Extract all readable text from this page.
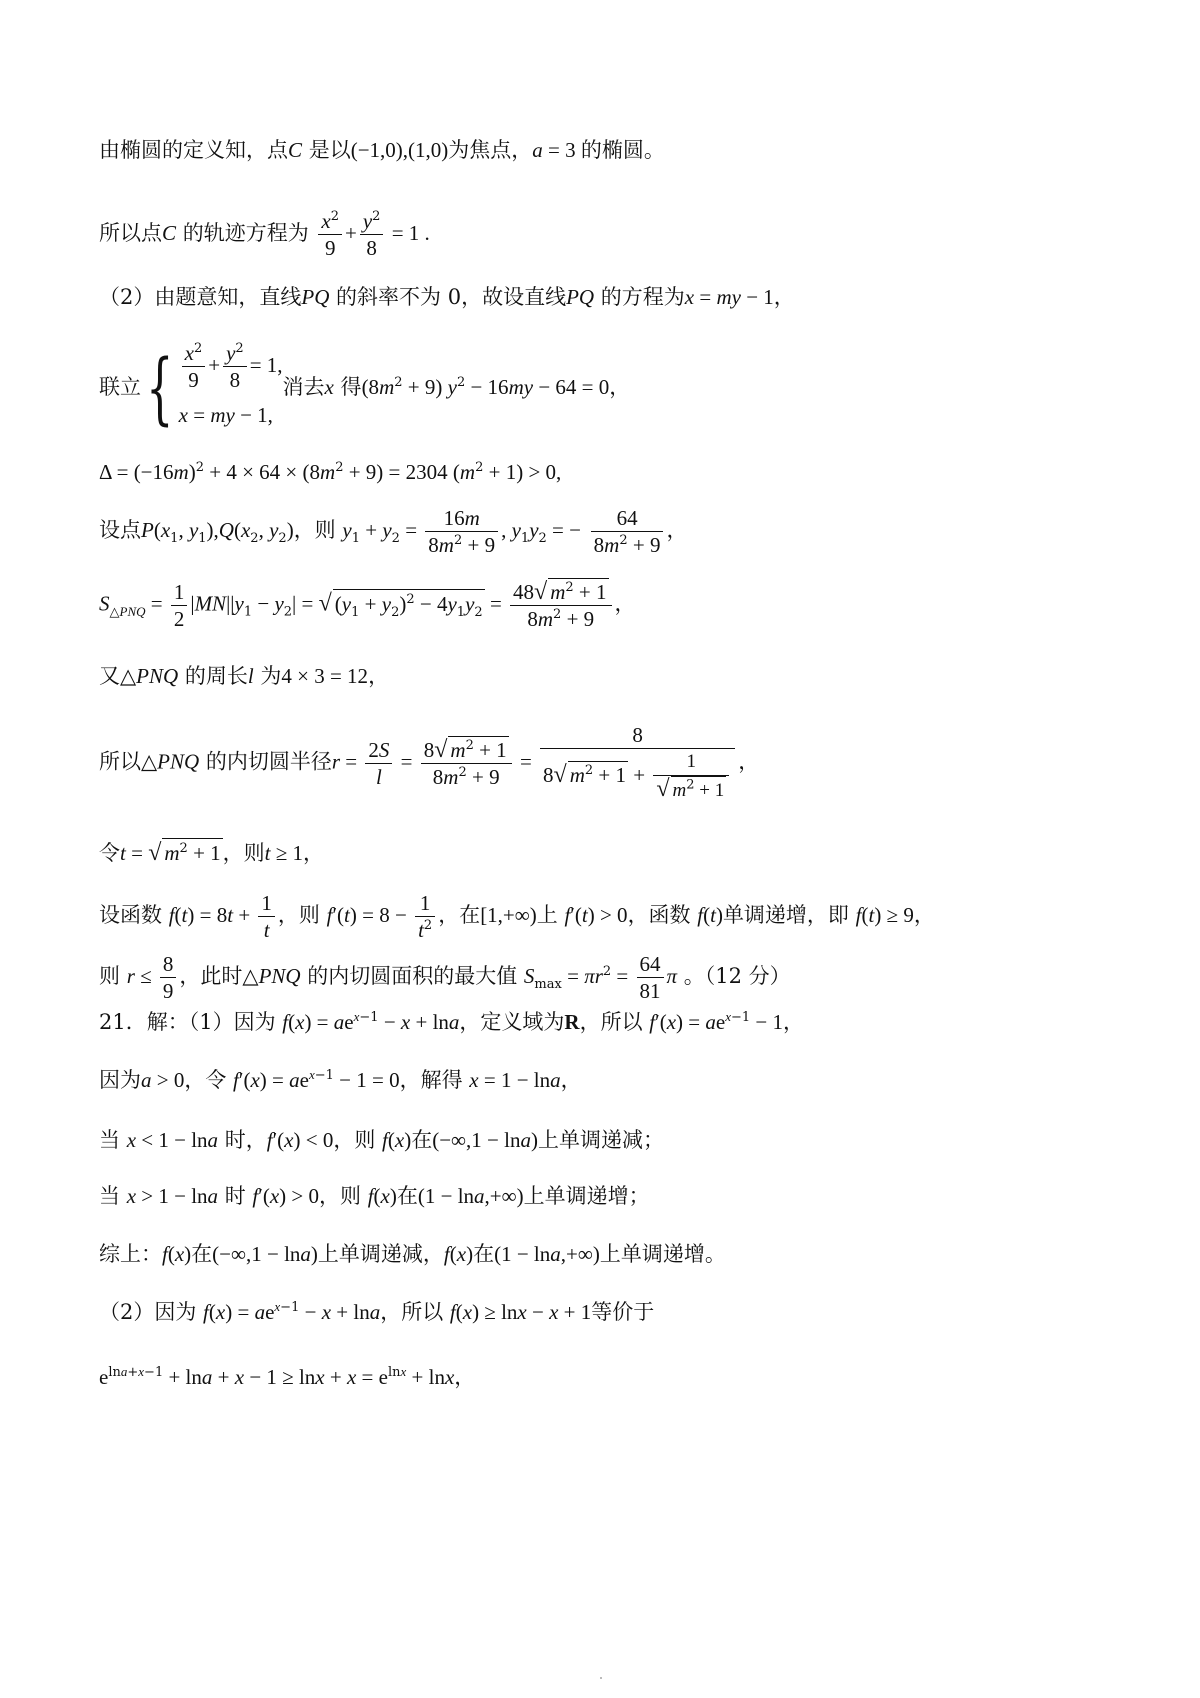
由椭圆的定义知，点C 是以(−1,0),(1,0)为焦点，a = 3 的椭圆。
所以点C 的轨迹方程为 $\frac{x^2}{9} + \frac{y^2}{8} = 1$ .
（2）由题意知，直线PQ 的斜率不为 0，故设直线PQ 的方程为x = my − 1，
联立{ $\frac{x^2}{9} + \frac{y^2}{8} = 1$,
x = my − 1,
消去x 得$(8m^2 + 9) y^2 - 16my - 64 = 0$，
$\Delta = (-16m)^2 + 4 \times 64 \times (8m^2 + 9) = 2304$ $(m^2 + 1) > 0$,
设点$P(x_1$, $y_1),Q(x_2$, $y_2$)，则 $y_1 + y_2 = \frac{16m}{8m^2 + 9}$ , $y_1y_2$ = − $\frac{64}{8m^2 + 9}$ ，
$S_{\triangle PNQ} = \frac{1}{2} |MN||y_1 - y_2|$ = √ $(y_1 + y_2)^2 - 4y_1y_2 = \frac{48√ m^2 + 1}{8m^2 + 9}$ ，
又△PNQ 的周长l 为4 × 3 = 12，
所以△PNQ 的内切圆半径$r = \frac{2S}{l} = \frac{8√ m^2 + 1}{8m^2 + 9} = \frac{8}{8√ m^2 + 1 + \frac{1}{√ m^2 + 1}}$ ，
令t = √ $m^2 + 1$，则t ≥ 1，
设函数 $f(t) = 8t + \frac{1}{t}$ ，则 $f'(t) = 8 - \frac{1}{t^2}$ ，在[1,+∞)上 f′(t) > 0，函数 f(t)单调递增，即 f(t) ≥ 9，
则 $r \le \frac{8}{9}$ ，此时△PNQ 的内切圆面积的最大值 $S_{max} = \pi r^2 = \frac{64}{81}$ π 。（12 分）
21．解：（1）因为 $f(x) = ae^{x-1} - x + \ln a$，定义域为R，所以 $f'(x) = ae^{x-1} - 1$，
因为a > 0，令 $f'(x) = ae^{x-1} - 1 = 0$，解得 x = 1 − lna，
当 x < 1 − lna 时，f′(x) < 0，则 f(x)在(−∞,1 − lna)上单调递减；
当 x > 1 − lna 时 f′(x) > 0，则 f(x)在(1 − lna,+∞)上单调递增；
综上：f(x)在(−∞,1 − lna)上单调递减，f(x)在(1 − lna,+∞)上单调递增。
（2）因为 $f(x) = ae^{x-1} - x + \ln a$，所以 f(x) ≥ lnx − x + 1等价于
$e^{lna+x-1} + \ln a + x - 1 \ge \ln x + x = e^{lnx} + \ln x$，
